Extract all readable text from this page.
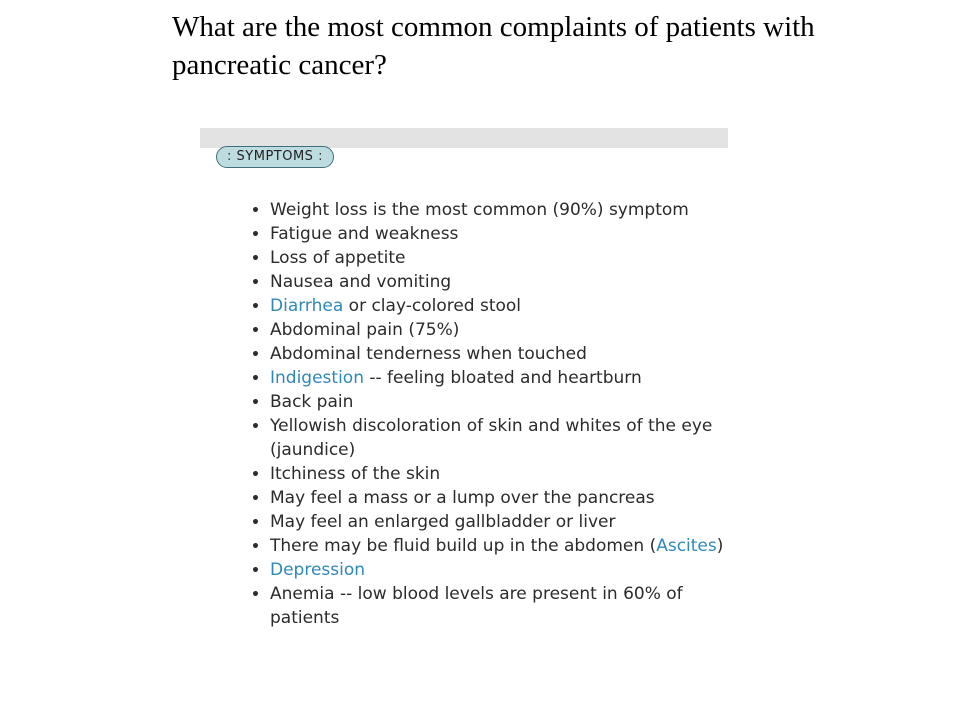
What are the most common complaints of patients with pancreatic cancer?
: SYMPTOMS :
• Weight loss is the most common (90%) symptom
• Fatigue and weakness
• Loss of appetite
• Nausea and vomiting
• Diarrhea or clay-colored stool
• Abdominal pain (75%)
• Abdominal tenderness when touched
• Indigestion -- feeling bloated and heartburn
• Back pain
• Yellowish discoloration of skin and whites of the eye (jaundice)
• Itchiness of the skin
• May feel a mass or a lump over the pancreas
• May feel an enlarged gallbladder or liver
• There may be fluid build up in the abdomen (Ascites)
• Depression
• Anemia -- low blood levels are present in 60% of patients
